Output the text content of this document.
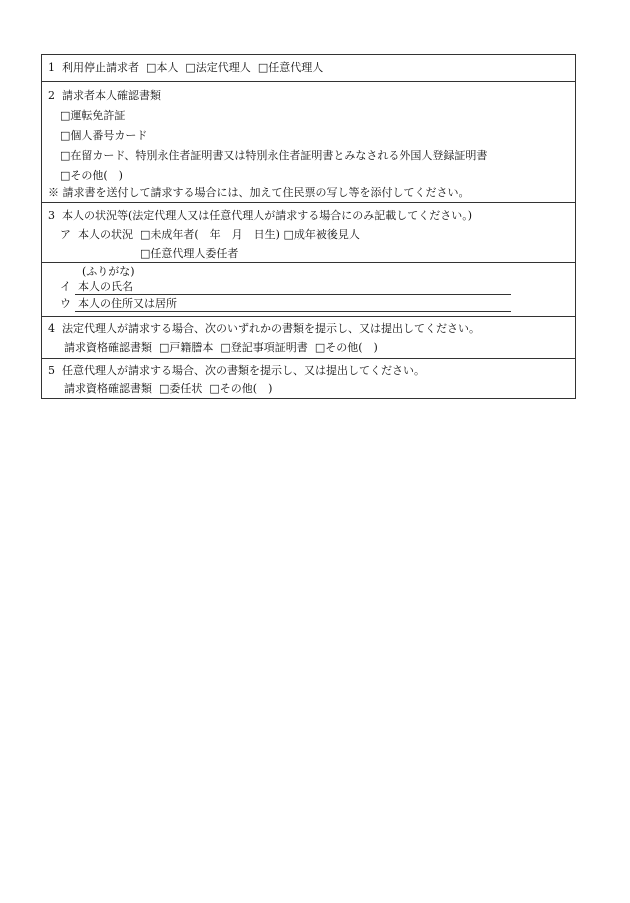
1 利用停止請求者 □本人 □法定代理人 □任意代理人
2 請求者本人確認書類
□運転免許証
□個人番号カード
□在留カード、特別永住者証明書又は特別永住者証明書とみなされる外国人登録証明書
□その他(　)
※ 請求書を送付して請求する場合には、加えて住民票の写し等を添付してください。
3 本人の状況等(法定代理人又は任意代理人が請求する場合にのみ記載してください。)
ア 本人の状況 □未成年者(　年　月　日生) □成年被後見人
□任意代理人委任者
(ふりがな)
イ 本人の氏名
ウ 本人の住所又は居所
4 法定代理人が請求する場合、次のいずれかの書類を提示し、又は提出してください。
請求資格確認書類 □戸籍謄本 □登記事項証明書 □その他(　)
5 任意代理人が請求する場合、次の書類を提示し、又は提出してください。
請求資格確認書類 □委任状 □その他(　)
